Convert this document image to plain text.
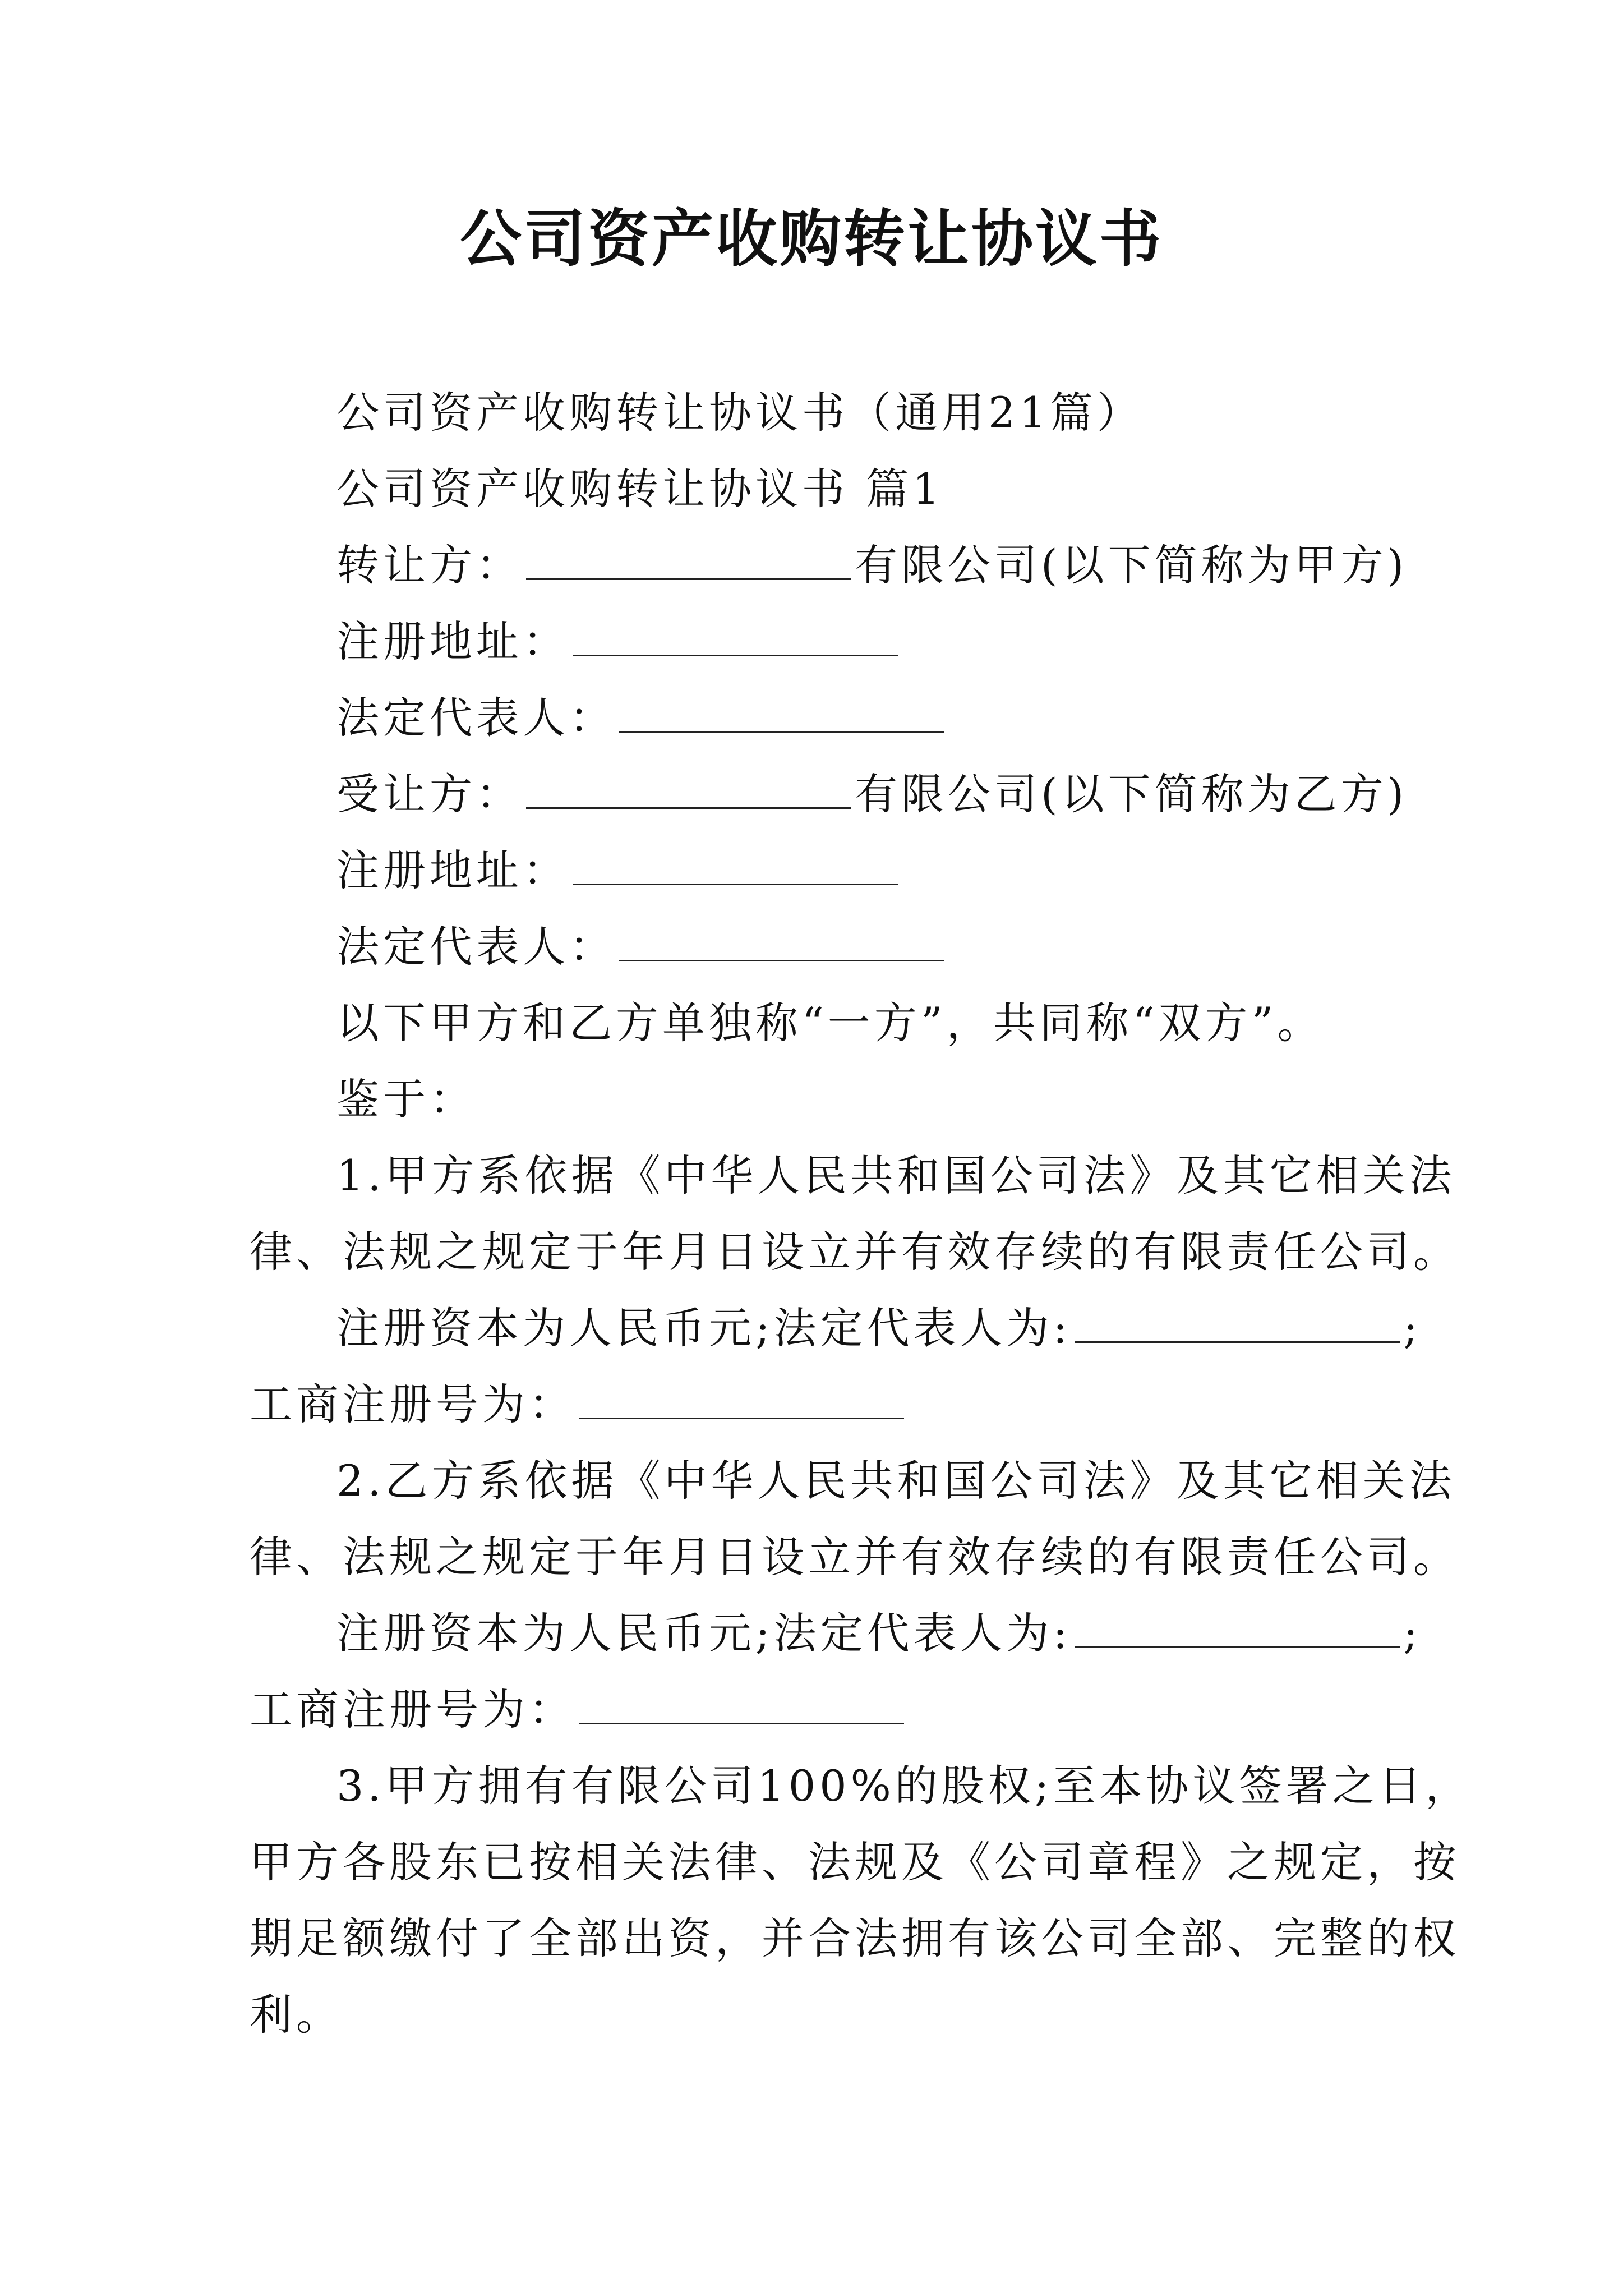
公司资产收购转让协议书
公司资产收购转让协议书（通用21篇）
公司资产收购转让协议书 篇1
转让方：	有限公司(以下简称为甲方)
注册地址：
法定代表人：
受让方：	有限公司(以下简称为乙方)
注册地址：
法定代表人：
以下甲方和乙方单独称“一方”，共同称“双方”。
鉴于：
1.甲方系依据《中华人民共和国公司法》及其它相关法
律、法规之规定于年月日设立并有效存续的有限责任公司。
注册资本为人民币元;法定代表人为:	;
工商注册号为：
2.乙方系依据《中华人民共和国公司法》及其它相关法
律、法规之规定于年月日设立并有效存续的有限责任公司。
注册资本为人民币元;法定代表人为:	;
工商注册号为：
3.甲方拥有有限公司100%的股权;至本协议签署之日，
甲方各股东已按相关法律、法规及《公司章程》之规定，按
期足额缴付了全部出资，并合法拥有该公司全部、完整的权
利。
